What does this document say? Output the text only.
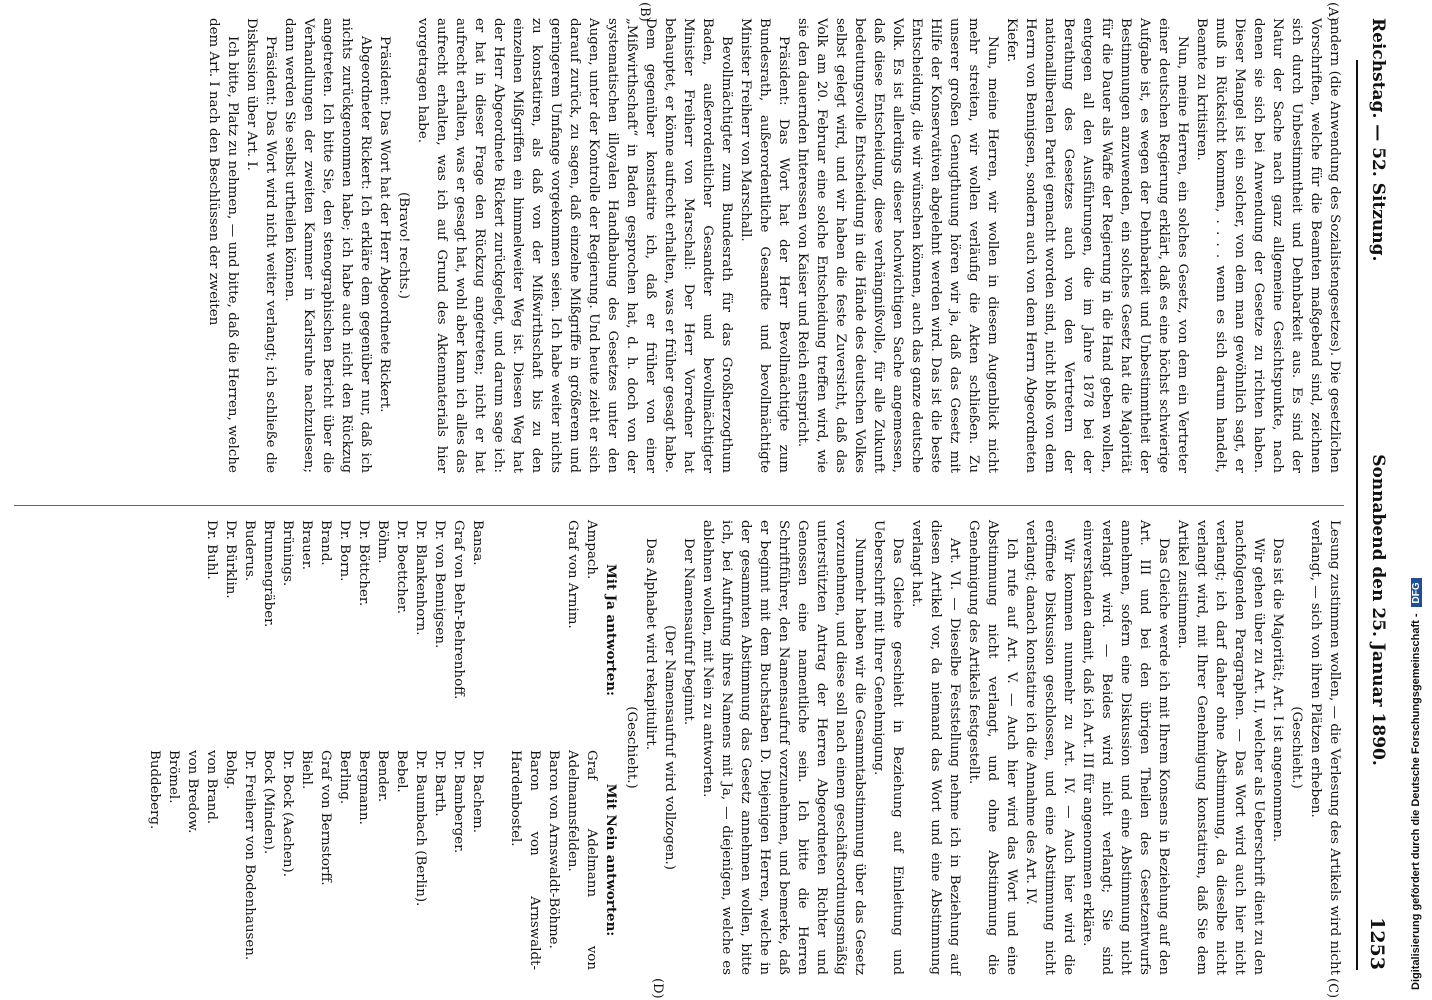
Reichstag. — 52. Sitzung.
Sonnabend den 25. Januar 1890.
1253
(A)
(B)
(C)
(D)

andern (die Anwendung des Sozialistengesetzes). Die gesetzlichen Vorschriften, welche für die Beamten maßgebend sind, zeichnen sich durch Unbestimmtheit und Dehnbarkeit aus. Es sind der Natur der Sache nach ganz allgemeine Gesichtspunkte, nach denen sie sich bei Anwendung der Gesetze zu richten haben. Dieser Mangel ist ein solcher, von dem man gewöhnlich sagt, er muß in Rücksicht kommen, . . . . wenn es sich darum handelt, Beamte zu kritisiren.

Nun, meine Herren, ein solches Gesetz, von dem ein Vertreter einer deutschen Regierung erklärt, daß es eine höchst schwierige Aufgabe ist, es wegen der Dehnbarkeit und Unbestimmtheit der Bestimmungen anzuwenden, ein solches Gesetz hat die Majorität für die Dauer als Waffe der Regierung in die Hand geben wollen, entgegen all den Ausführungen, die im Jahre 1878 bei der Berathung des Gesetzes auch von den Vertretern der nationalliberalen Partei gemacht worden sind, nicht bloß von dem Herrn von Bennigsen, sondern auch von dem Herrn Abgeordneten Kiefer.

Nun, meine Herren, wir wollen in diesem Augenblick nicht mehr streiten, wir wollen verläufig die Akten schließen. Zu unserer großen Genugthuung hören wir ja, daß das Gesetz mit Hilfe der Konservativen abgelehnt werden wird. Das ist die beste Entscheidung, die wir wünschen können, auch das ganze deutsche Volk. Es ist allerdings dieser hochwichtigen Sache angemessen, daß diese Entscheidung, diese verhängnißvolle, für alle Zukunft bedeutungsvolle Entscheidung in die Hände des deutschen Volkes selbst gelegt wird, und wir haben die feste Zuversicht, daß das Volk am 20. Februar eine solche Entscheidung treffen wird, wie sie den dauernden Interessen von Kaiser und Reich entspricht.

Präsident: Das Wort hat der Herr Bevollmächtigte zum Bundesrath, außerordentliche Gesandte und bevollmächtigte Minister Freiherr von Marschall.

Bevollmächtigter zum Bundesrath für das Großherzogthum Baden, außerordentlicher Gesandter und bevollmächtigter Minister Freiherr von Marschall: Der Herr Vorredner hat behauptet, er könne aufrecht erhalten, was er früher gesagt habe. Dem gegenüber konstatire ich, daß er früher von einer „Mißwirthschaft“ in Baden gesprochen hat, d. h. doch von der systematischen illoyalen Handhabung des Gesetzes unter den Augen, unter der Kontrolle der Regierung. Und heute zieht er sich darauf zurück, zu sagen, daß einzelne Mißgriffe in größerem und geringerem Umfange vorgekommen seien. Ich habe weiter nichts zu konstatiren, als daß von der Mißwirthschaft bis zu den einzelnen Mißgriffen ein himmelweiter Weg ist. Diesen Weg hat der Herr Abgeordnete Rickert zurückgelegt, und darum sage ich: er hat in dieser Frage den Rückzug angetreten; nicht er hat aufrecht erhalten, was er gesagt hat, wohl aber kann ich alles das aufrecht erhalten, was ich auf Grund des Aktenmaterials hier vorgetragen habe.

(Bravo! rechts.)

Präsident: Das Wort hat der Herr Abgeordnete Rickert.

Abgeordneter Rickert: Ich erkläre dem gegenüber nur, daß ich nichts zurückgenommen habe; ich habe auch nicht den Rückzug angetreten. Ich bitte Sie, den stenographischen Bericht über die Verhandlungen der zweiten Kammer in Karlsruhe nachzulesen; dann werden Sie selbst urtheilen können.

Präsident: Das Wort wird nicht weiter verlangt; ich schließe die Diskussion über Art. I.

Ich bitte, Platz zu nehmen, — und bitte, daß die Herren, welche dem Art. I nach den Beschlüssen der zweiten

Lesung zustimmen wollen, — die Verlesung des Artikels wird nicht verlangt, — sich von ihren Plätzen erheben.

(Geschieht.)

Das ist die Majorität; Art. I ist angenommen.

Wir gehen über zu Art. II, welcher als Ueberschrift dient zu den nachfolgenden Paragraphen. — Das Wort wird auch hier nicht verlangt; ich darf daher ohne Abstimmung, da dieselbe nicht verlangt wird, mit Ihrer Genehmigung konstatiren, daß Sie dem Artikel zustimmen.

Das Gleiche werde ich mit Ihrem Konsens in Beziehung auf den Art. III und bei den übrigen Theilen des Gesetzentwurfs annehmen, sofern eine Diskussion und eine Abstimmung nicht verlangt wird. — Beides wird nicht verlangt; Sie sind einverstanden damit, daß ich Art. III für angenommen erkläre.

Wir kommen nunmehr zu Art. IV. — Auch hier wird die eröffnete Diskussion geschlossen, und eine Abstimmung nicht verlangt; danach konstatire ich die Annahme des Art. IV.

Ich rufe auf Art. V. — Auch hier wird das Wort und eine Abstimmung nicht verlangt, und ohne Abstimmung die Genehmigung des Artikels festgestellt.

Art. VI. — Dieselbe Feststellung nehme ich in Beziehung auf diesen Artikel vor, da niemand das Wort und eine Abstimmung verlangt hat.

Das Gleiche geschieht in Beziehung auf Einleitung und Ueberschrift mit Ihrer Genehmigung.

Nunmehr haben wir die Gesammtabstimmung über das Gesetz vorzunehmen, und diese soll nach einem geschäftsordnungsmäßig unterstützten Antrag der Herren Abgeordneten Richter und Genossen eine namentliche sein. Ich bitte die Herren Schriftführer, den Namensaufruf vorzunehmen, und bemerke, daß er beginnt mit dem Buchstaben D. Diejenigen Herren, welche in der gesammten Abstimmung das Gesetz annehmen wollen, bitte ich, bei Aufrufung ihres Namens mit Ja, — diejenigen, welche es ablehnen wollen, mit Nein zu antworten.

Der Namensaufruf beginnt.

(Der Namensaufruf wird vollzogen.)

Das Alphabet wird rekapitulirt.

(Geschieht.)

Mit Ja antworten:
Ampach.
Graf von Arnim.

Bansa.
Graf von Behr-Behrenhoff.
Dr. von Bennigsen.
Dr. Blankenhorn.
Dr. Boettcher.
Böhm.
Dr. Böttcher.
Dr. Born.
Brand.
Brauer.
Brünings.
Brunnengräber.
Buderus.
Dr. Bürklin.
Dr. Buhl.
Mit Nein antworten:
Graf Adelmann von Adelmannsfelden.
Baron von Arnswaldt-Böhme.
Baron von Arnswaldt-Hardenbostel.

Dr. Bachem.
Dr. Bamberger.
Dr. Barth.
Dr. Baumbach (Berlin).
Bebel.
Bender.
Bergmann.
Berling.
Graf von Bernstorff.
Biehl.
Dr. Bock (Aachen).
Bock (Minden).
Dr. Freiherr von Bodenhausen.
Bohg.
von Brand.
von Bredow.
Brömel.
Buddeberg.	Digitalisierung gefördert durch die Deutsche Forschungsgemeinschaft -DFG
